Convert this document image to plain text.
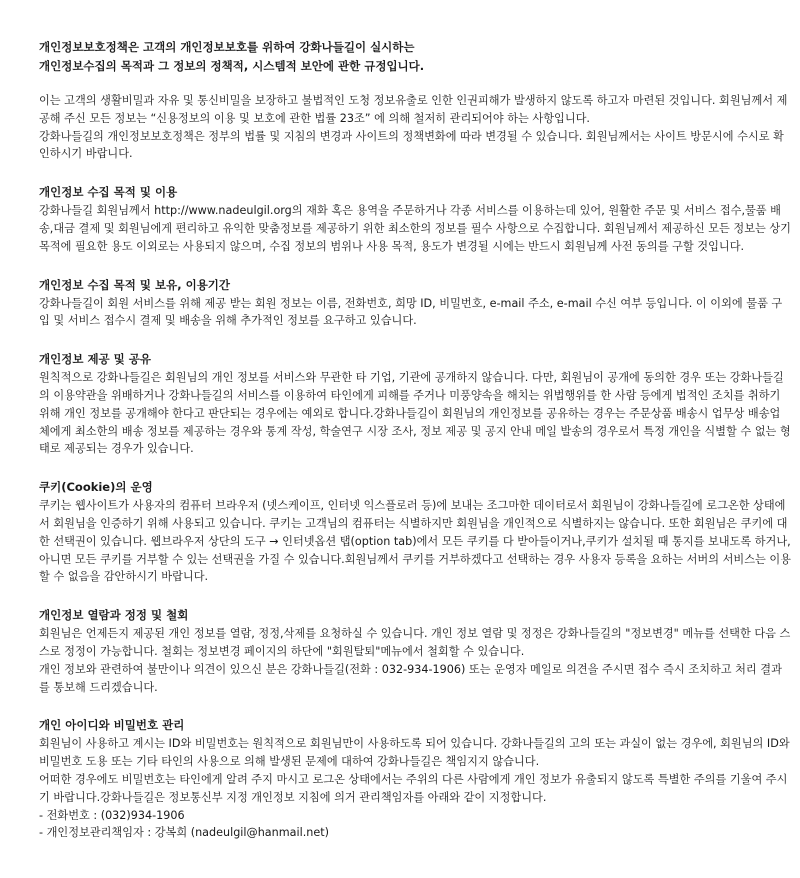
개인정보보호정책은 고객의 개인정보보호를 위하여 강화나들길이 실시하는
개인정보수집의 목적과 그 정보의 정책적, 시스템적 보안에 관한 규정입니다.

이는 고객의 생활비밀과 자유 및 통신비밀을 보장하고 불법적인 도청 정보유출로 인한 인권피해가 발생하지 않도록 하고자 마련된 것입니다. 회원님께서 제공해 주신 모든 정보는 “신용정보의 이용 및 보호에 관한 법률 23조” 에 의해 철저히 관리되어야 하는 사항입니다.

강화나들길의 개인정보보호정책은 정부의 법률 및 지침의 변경과 사이트의 정책변화에 따라 변경될 수 있습니다. 회원님께서는 사이트 방문시에 수시로 확인하시기 바랍니다.

개인정보 수집 목적 및 이용

강화나들길 회원님께서 http://www.nadeulgil.org의 재화 혹은 용역을 주문하거나 각종 서비스를 이용하는데 있어, 원활한 주문 및 서비스 접수,물품 배송,대금 결제 및 회원님에게 편리하고 유익한 맞춤정보를 제공하기 위한 최소한의 정보를 필수 사항으로 수집합니다. 회원님께서 제공하신 모든 정보는 상기 목적에 필요한 용도 이외로는 사용되지 않으며, 수집 정보의 범위나 사용 목적, 용도가 변경될 시에는 반드시 회원님께 사전 동의를 구할 것입니다.

개인정보 수집 목적 및 보유, 이용기간

강화나들길이 회원 서비스를 위해 제공 받는 회원 정보는 이름, 전화번호, 희망 ID, 비밀번호, e-mail 주소, e-mail 수신 여부 등입니다. 이 이외에 물품 구입 및 서비스 접수시 결제 및 배송을 위해 추가적인 정보를 요구하고 있습니다.

개인정보 제공 및 공유

원칙적으로 강화나들길은 회원님의 개인 정보를 서비스와 무관한 타 기업, 기관에 공개하지 않습니다. 다만, 회원님이 공개에 동의한 경우 또는 강화나들길의 이용약관을 위배하거나 강화나들길의 서비스를 이용하여 타인에게 피해를 주거나 미풍양속을 해치는 위법행위를 한 사람 등에게 법적인 조치를 취하기 위해 개인 정보를 공개해야 한다고 판단되는 경우에는 예외로 합니다.강화나들길이 회원님의 개인정보를 공유하는 경우는 주문상품 배송시 업무상 배송업체에게 최소한의 배송 정보를 제공하는 경우와 통계 작성, 학술연구 시장 조사, 정보 제공 및 공지 안내 메일 발송의 경우로서 특정 개인을 식별할 수 없는 형태로 제공되는 경우가 있습니다.

쿠키(Cookie)의 운영

쿠키는 웹사이트가 사용자의 컴퓨터 브라우저 (넷스케이프, 인터넷 익스플로러 등)에 보내는 조그마한 데이터로서 회원님이 강화나들길에 로그온한 상태에서 회원님을 인증하기 위해 사용되고 있습니다. 쿠키는 고객님의 컴퓨터는 식별하지만 회원님을 개인적으로 식별하지는 않습니다. 또한 회원님은 쿠키에 대한 선택권이 있습니다. 웹브라우저 상단의 도구 → 인터넷옵션 탭(option tab)에서 모든 쿠키를 다 받아들이거나,쿠키가 설치될 때 통지를 보내도록 하거나,아니면 모든 쿠키를 거부할 수 있는 선택권을 가질 수 있습니다.회원님께서 쿠키를 거부하겠다고 선택하는 경우 사용자 등록을 요하는 서버의 서비스는 이용할 수 없음을 감안하시기 바랍니다.

개인정보 열람과 정정 및 철회

회원님은 언제든지 제공된 개인 정보를 열람, 정정,삭제를 요청하실 수 있습니다. 개인 정보 열람 및 정정은 강화나들길의 "정보변경" 메뉴를 선택한 다음 스스로 정정이 가능합니다. 철회는 정보변경 페이지의 하단에 "회원탈퇴"메뉴에서 철회할 수 있습니다.

개인 정보와 관련하여 불만이나 의견이 있으신 분은 강화나들길(전화 : 032-934-1906) 또는 운영자 메일로 의견을 주시면 접수 즉시 조치하고 처리 결과를 통보해 드리겠습니다.

개인 아이디와 비밀번호 관리

회원님이 사용하고 계시는 ID와 비밀번호는 원칙적으로 회원님만이 사용하도록 되어 있습니다. 강화나들길의 고의 또는 과실이 없는 경우에, 회원님의 ID와 비밀번호 도용 또는 기타 타인의 사용으로 의해 발생된 문제에 대하여 강화나들길은 책임지지 않습니다.

어떠한 경우에도 비밀번호는 타인에게 알려 주지 마시고 로그온 상태에서는 주위의 다른 사람에게 개인 정보가 유출되지 않도록 특별한 주의를 기울여 주시기 바랍니다.강화나들길은 정보통신부 지정 개인정보 지침에 의거 관리책임자를 아래와 같이 지정합니다.

- 전화번호 : (032)934-1906
- 개인정보관리책임자 : 강복희 (nadeulgil@hanmail.net)
